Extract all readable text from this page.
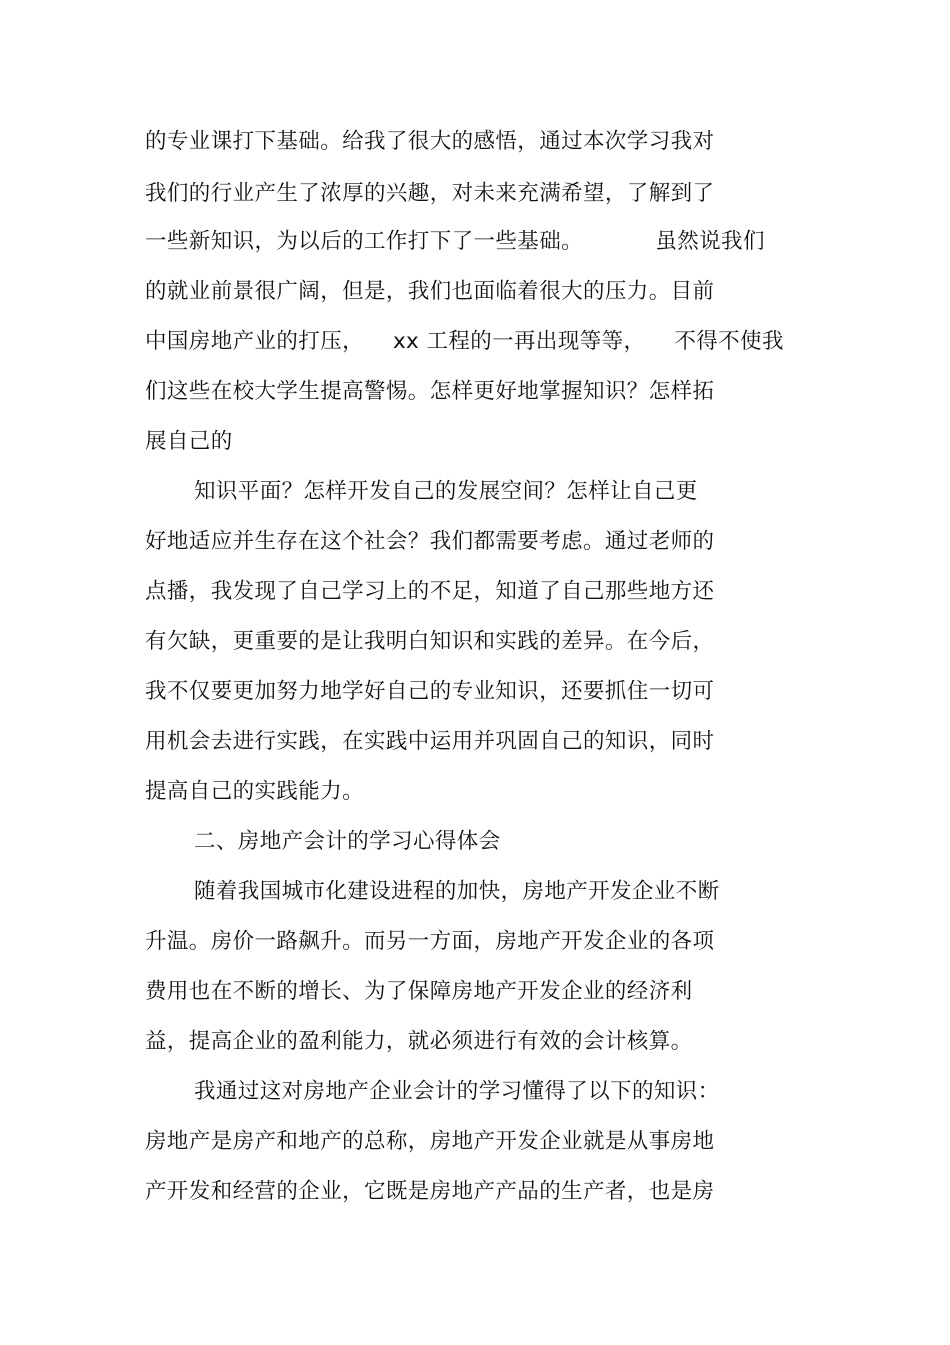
的专业课打下基础。给我了很大的感悟，通过本次学习我对
我们的行业产生了浓厚的兴趣，对未来充满希望，了解到了
一些新知识，为以后的工作打下了一些基础。          虽然说我们
的就业前景很广阔，但是，我们也面临着很大的压力。目前
中国房地产业的打压，    xx 工程的一再出现等等，    不得不使我
们这些在校大学生提高警惕。怎样更好地掌握知识？怎样拓
展自己的
知识平面？怎样开发自己的发展空间？怎样让自己更
好地适应并生存在这个社会？我们都需要考虑。通过老师的
点播，我发现了自己学习上的不足，知道了自己那些地方还
有欠缺，更重要的是让我明白知识和实践的差异。在今后，
我不仅要更加努力地学好自己的专业知识，还要抓住一切可
用机会去进行实践，在实践中运用并巩固自己的知识，同时
提高自己的实践能力。
二、房地产会计的学习心得体会
随着我国城市化建设进程的加快，房地产开发企业不断
升温。房价一路飙升。而另一方面，房地产开发企业的各项
费用也在不断的增长、为了保障房地产开发企业的经济利
益，提高企业的盈利能力，就必须进行有效的会计核算。
我通过这对房地产企业会计的学习懂得了以下的知识：
房地产是房产和地产的总称，房地产开发企业就是从事房地
产开发和经营的企业，它既是房地产产品的生产者，也是房
